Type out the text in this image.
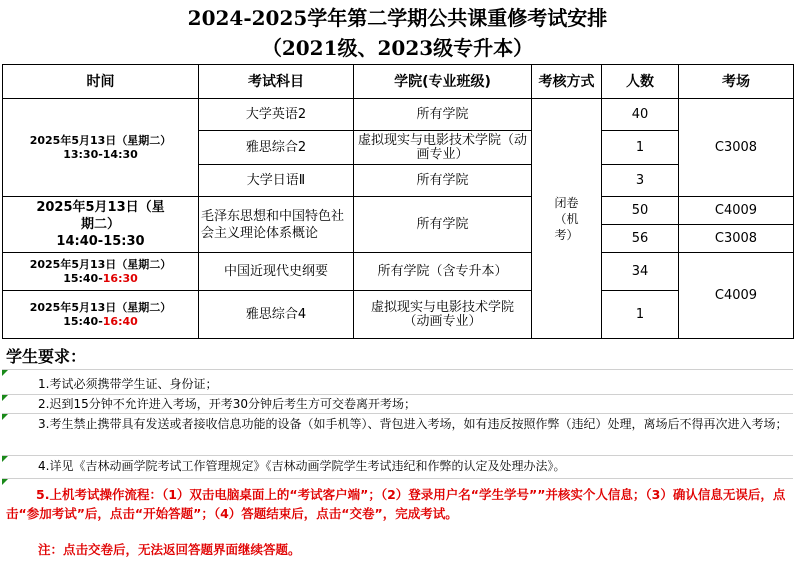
2024-2025学年第二学期公共课重修考试安排
（2021级、2023级专升本）
时间	考试科目	学院(专业班级)	考核方式	人数	考场

2025年5月13日（星期二）
13:30-14:30	大学英语2	所有学院	闭卷（机考）	40	C3008
	雅思综合2	虚拟现实与电影技术学院（动画专业）		1	
	大学日语Ⅱ	所有学院		3	

2025年5月13日（星期二）
14:40-15:30	毛泽东思想和中国特色社会主义理论体系概论	所有学院		50	C4009
				56	C3008

2025年5月13日（星期二）
15:40-16:30	中国近现代史纲要	所有学院（含专升本）		34	C4009

2025年5月13日（星期二）
15:40-16:40	雅思综合4	虚拟现实与电影技术学院（动画专业）		1	
学生要求：
1.考试必须携带学生证、身份证；
2.迟到15分钟不允许进入考场，开考30分钟后考生方可交卷离开考场；
3.考生禁止携带具有发送或者接收信息功能的设备（如手机等）、背包进入考场，如有违反按照作弊（违纪）处理，离场后不得再次进入考场；
4.详见《吉林动画学院考试工作管理规定》《吉林动画学院学生考试违纪和作弊的认定及处理办法》。
5.上机考试操作流程：（1）双击电脑桌面上的“考试客户端”；（2）登录用户名“学生学号””并核实个人信息；（3）确认信息无误后，点击“参加考试”后，点击“开始答题”；（4）答题结束后，点击“交卷”，完成考试。
注：点击交卷后，无法返回答题界面继续答题。
